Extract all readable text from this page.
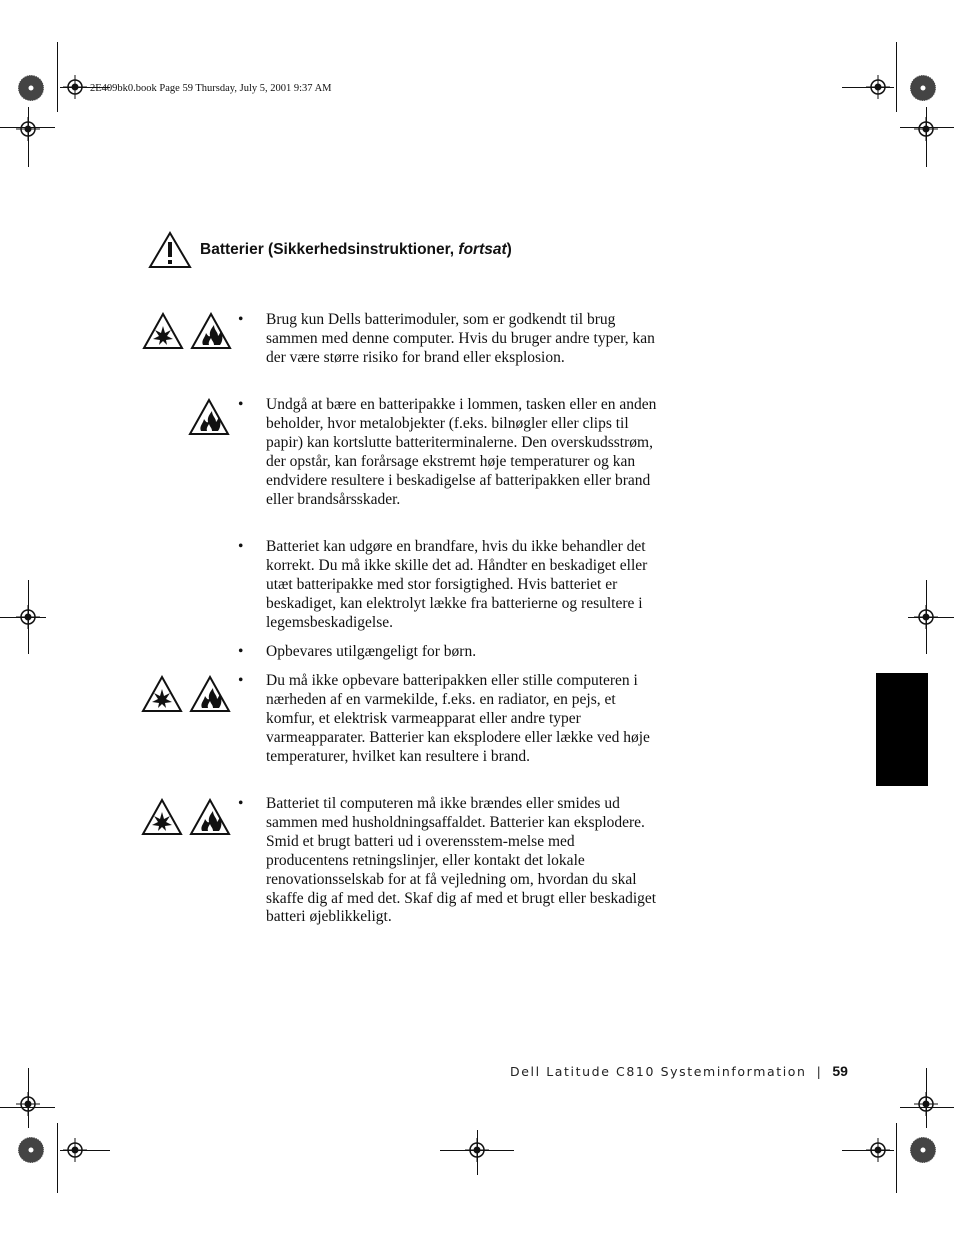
2E409bk0.book Page 59 Thursday, July 5, 2001 9:37 AM
Batterier (Sikkerhedsinstruktioner, fortsat)
• Brug kun Dells batterimoduler, som er godkendt til brug sammen med denne computer. Hvis du bruger andre typer, kan der være større risiko for brand eller eksplosion.
• Undgå at bære en batteripakke i lommen, tasken eller en anden beholder, hvor metalobjekter (f.eks. bilnøgler eller clips til papir) kan kortslutte batteriterminalerne. Den overskudsstrøm, der opstår, kan forårsage ekstremt høje temperaturer og kan endvidere resultere i beskadigelse af batteripakken eller brand eller brandsårsskader.
• Batteriet kan udgøre en brandfare, hvis du ikke behandler det korrekt. Du må ikke skille det ad. Håndter en beskadiget eller utæt batteripakke med stor forsigtighed. Hvis batteriet er beskadiget, kan elektrolyt lække fra batterierne og resultere i legemsbeskadigelse.
• Opbevares utilgængeligt for børn.
• Du må ikke opbevare batteripakken eller stille computeren i nærheden af en varmekilde, f.eks. en radiator, en pejs, et komfur, et elektrisk varmeapparat eller andre typer varmeapparater. Batterier kan eksplodere eller lække ved høje temperaturer, hvilket kan resultere i brand.
• Batteriet til computeren må ikke brændes eller smides ud sammen med husholdningsaffaldet. Batterier kan eksplodere. Smid et brugt batteri ud i overensstem-melse med producentens retningslinjer, eller kontakt det lokale renovationsselskab for at få vejledning om, hvordan du skal skaffe dig af med det. Skaf dig af med et brugt eller beskadiget batteri øjeblikkeligt.
Dell Latitude C810 Systeminformation | 59
